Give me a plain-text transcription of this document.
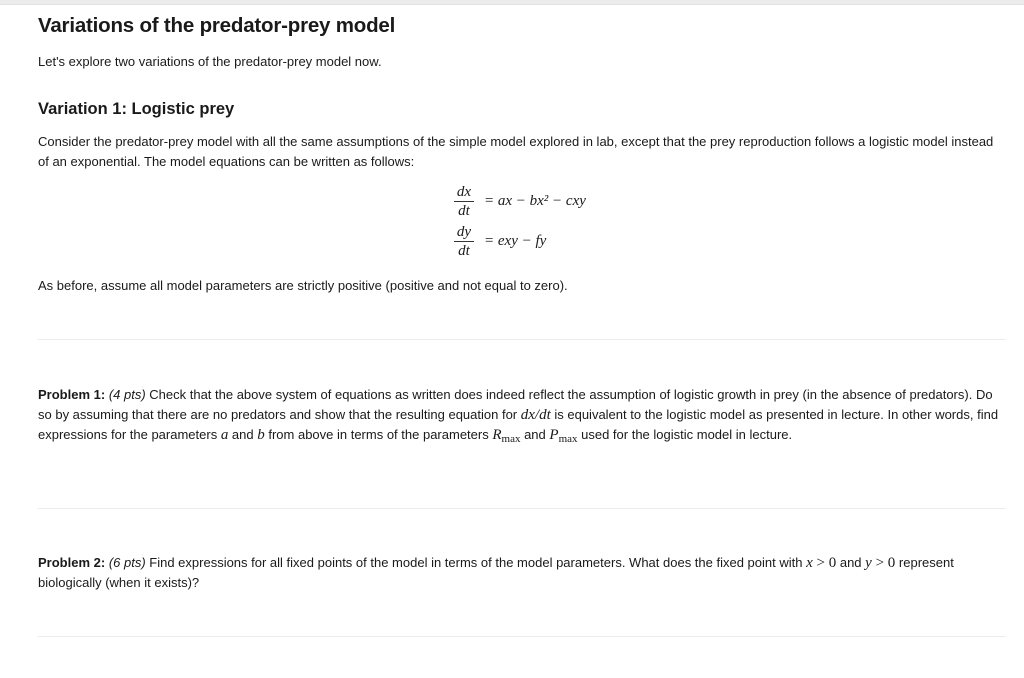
Variations of the predator-prey model
Let's explore two variations of the predator-prey model now.
Variation 1: Logistic prey
Consider the predator-prey model with all the same assumptions of the simple model explored in lab, except that the prey reproduction follows a logistic model instead of an exponential. The model equations can be written as follows:
$\frac{dx}{dt}$ = ax − bx² − cxy
$\frac{dy}{dt}$ = exy − fy
As before, assume all model parameters are strictly positive (positive and not equal to zero).
Problem 1: (4 pts) Check that the above system of equations as written does indeed reflect the assumption of logistic growth in prey (in the absence of predators). Do so by assuming that there are no predators and show that the resulting equation for dx/dt is equivalent to the logistic model as presented in lecture. In other words, find expressions for the parameters a and b from above in terms of the parameters $R_{max}$ and $P_{max}$ used for the logistic model in lecture.
Problem 2: (6 pts) Find expressions for all fixed points of the model in terms of the model parameters. What does the fixed point with x > 0 and y > 0 represent biologically (when it exists)?
